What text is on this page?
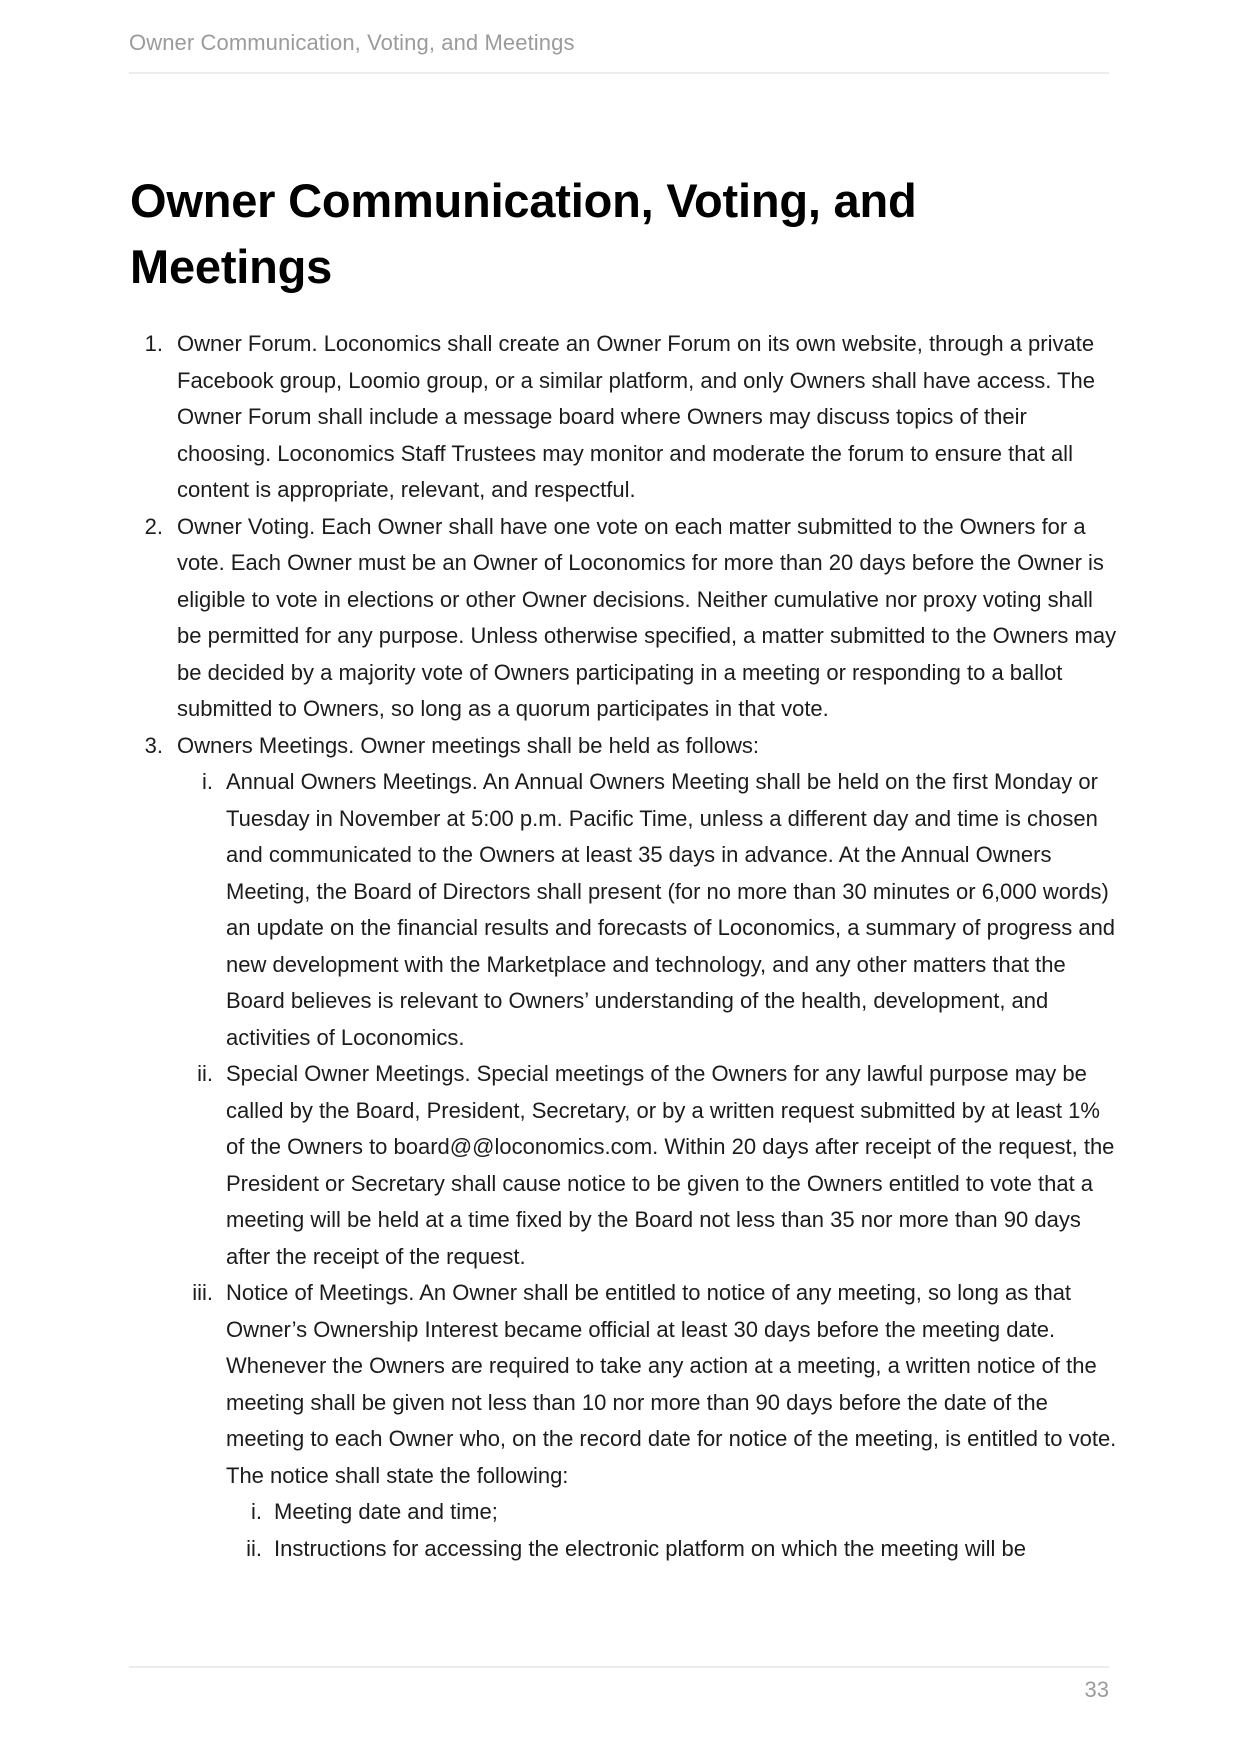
Owner Communication, Voting, and Meetings
Owner Communication, Voting, and Meetings
1. Owner Forum. Loconomics shall create an Owner Forum on its own website, through a private Facebook group, Loomio group, or a similar platform, and only Owners shall have access. The Owner Forum shall include a message board where Owners may discuss topics of their choosing. Loconomics Staff Trustees may monitor and moderate the forum to ensure that all content is appropriate, relevant, and respectful.
2. Owner Voting. Each Owner shall have one vote on each matter submitted to the Owners for a vote. Each Owner must be an Owner of Loconomics for more than 20 days before the Owner is eligible to vote in elections or other Owner decisions. Neither cumulative nor proxy voting shall be permitted for any purpose. Unless otherwise specified, a matter submitted to the Owners may be decided by a majority vote of Owners participating in a meeting or responding to a ballot submitted to Owners, so long as a quorum participates in that vote.
3. Owners Meetings. Owner meetings shall be held as follows:
i. Annual Owners Meetings. An Annual Owners Meeting shall be held on the first Monday or Tuesday in November at 5:00 p.m. Pacific Time, unless a different day and time is chosen and communicated to the Owners at least 35 days in advance. At the Annual Owners Meeting, the Board of Directors shall present (for no more than 30 minutes or 6,000 words) an update on the financial results and forecasts of Loconomics, a summary of progress and new development with the Marketplace and technology, and any other matters that the Board believes is relevant to Owners’ understanding of the health, development, and activities of Loconomics.
ii. Special Owner Meetings. Special meetings of the Owners for any lawful purpose may be called by the Board, President, Secretary, or by a written request submitted by at least 1% of the Owners to board@@loconomics.com. Within 20 days after receipt of the request, the President or Secretary shall cause notice to be given to the Owners entitled to vote that a meeting will be held at a time fixed by the Board not less than 35 nor more than 90 days after the receipt of the request.
iii. Notice of Meetings. An Owner shall be entitled to notice of any meeting, so long as that Owner’s Ownership Interest became official at least 30 days before the meeting date. Whenever the Owners are required to take any action at a meeting, a written notice of the meeting shall be given not less than 10 nor more than 90 days before the date of the meeting to each Owner who, on the record date for notice of the meeting, is entitled to vote. The notice shall state the following:
i. Meeting date and time;
ii. Instructions for accessing the electronic platform on which the meeting will be
33
